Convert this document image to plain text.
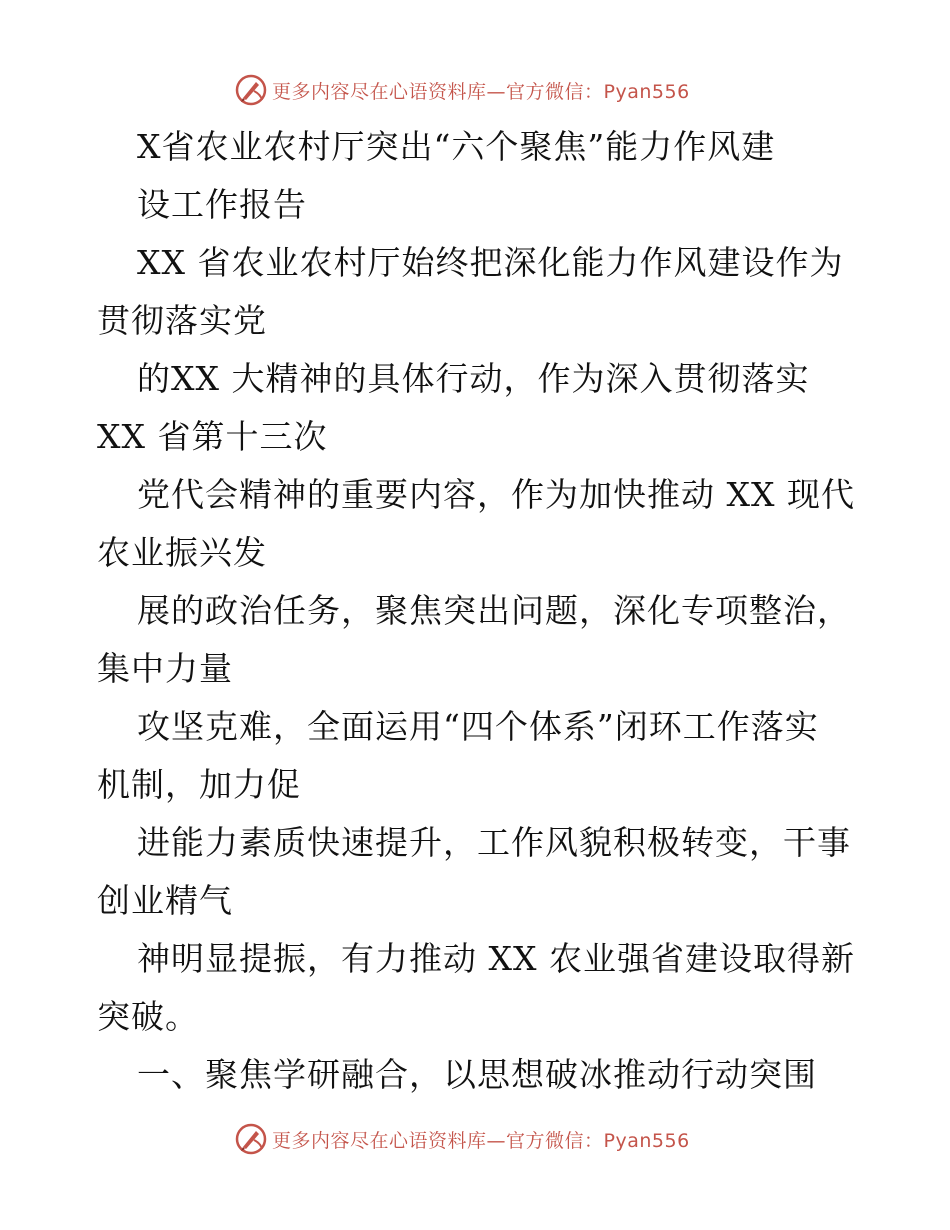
更多内容尽在心语资料库—官方微信：Pyan556
X省农业农村厅突出“六个聚焦”能力作风建
设工作报告
XX 省农业农村厅始终把深化能力作风建设作为
贯彻落实党
的XX 大精神的具体行动，作为深入贯彻落实
XX 省第十三次
党代会精神的重要内容，作为加快推动 XX 现代
农业振兴发
展的政治任务，聚焦突出问题，深化专项整治，
集中力量
攻坚克难，全面运用“四个体系”闭环工作落实
机制，加力促
进能力素质快速提升，工作风貌积极转变，干事
创业精气
神明显提振，有力推动 XX 农业强省建设取得新
突破。
一、聚焦学研融合，以思想破冰推动行动突围
更多内容尽在心语资料库—官方微信：Pyan556
